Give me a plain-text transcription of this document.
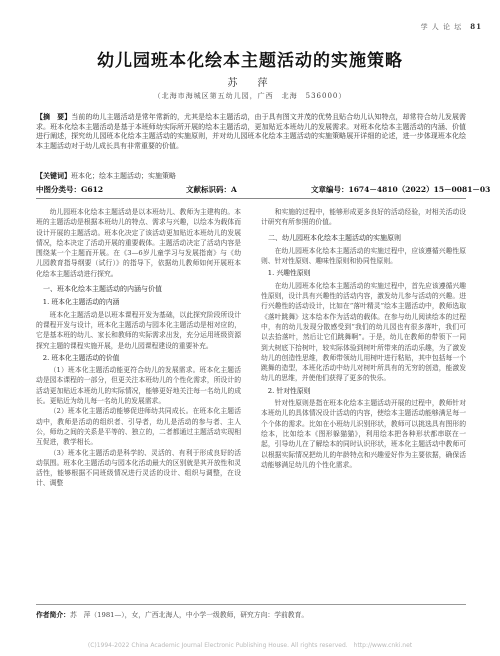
学 人 论 坛 81
幼儿园班本化绘本主题活动的实施策略
苏　萍
（北海市海城区第五幼儿园，广西　北海　536000）
【摘　要】当前的幼儿主题活动是常年常新的，尤其是绘本主题活动，由于具有图文并茂的优势且贴合幼儿认知特点，却常符合幼儿发展需求。班本化绘本主题活动是基于本班师幼实际所开展的绘本主题活动，更加贴近本班幼儿的发展需求。对班本化绘本主题活动的内涵、价值进行阐述，探究幼儿园班本化绘本主题活动的实施原则，并对幼儿园班本化绘本主题活动的实施策略展开详细的论述，进一步体现班本化绘本主题活动对于幼儿成长具有非常重要的价值。
【关键词】班本化；绘本主题活动；实施策略
中图分类号：G612	文献标识码：A	文章编号：1674－4810（2022）15－0081－03

幼儿园班本化绘本主题活动是以本班幼儿、教师为主建构的。本班的主题活动是根据本班幼儿的特点、需求与兴趣，以绘本为载体而设计开展的主题活动。班本化决定了该活动更加贴近本班幼儿的发展情况，绘本决定了活动开展的重要载体。主题活动决定了活动内容是围绕某一个主题而开展。在《3—6岁儿童学习与发展指南》与《幼儿园教育指导纲要（试行）》的指导下，依据幼儿教师如何开展班本化绘本主题活动进行探究。

一、班本化绘本主题活动的内涵与价值
1. 班本化主题活动的内涵

班本化主题活动是以班本课程开发为基础，以此探究阶段所设计的课程开发与设计，班本化主题活动与园本化主题活动是相对应的，它是基本班的幼儿、家长和教师的实际需求出发，充分运用班级资源探究主题的课程实施开展，是幼儿园课程建设的重要补充。

2. 班本化主题活动的价值

（1）班本化主题活动能更符合幼儿的发展需求。班本化主题活动是园本课程的一部分，但更关注本班幼儿的个性化需求，所设计的活动更加贴近本班幼儿的实际情况，能够更好地关注每一名幼儿的成长。更贴近为幼儿每一名幼儿的发展需求。

（2）班本化主题活动能够促进师幼共同成长。在班本化主题活动中，教师是活动的组织者、引导者，幼儿是活动的参与者、主人公，师幼之间的关系是平等的、独立的，二者都通过主题活动实现相互促进，教学相长。

（3）班本化主题活动是科学的、灵活的、有利于形成良好的活动氛围。班本化主题活动与园本化活动最大的区别就是其开放性和灵活性，能够根据不同班级情况进行灵活的设计、组织与调整，在设计、调整

和实施的过程中，能够形成更多良好的活动经验，对相关活动设计研究有所参照的价值。

二、幼儿园班本化绘本主题活动的实施原则

在幼儿园班本化绘本主题活动的实施过程中，应该遵循兴趣性原则、针对性原则、趣味性原则和协同性原则。

1. 兴趣性原则

在幼儿园班本化绘本主题活动的实施过程中，首先应该遵循兴趣性原则，设计具有兴趣性的活动内容，激发幼儿参与活动的兴趣。进行兴趣性的活动设计，比如在“落叶精灵”绘本主题活动中，教师选取《落叶跳舞》这本绘本作为活动的载体。在参与幼儿阅读绘本的过程中，有的幼儿发现分散感受到“我们的幼儿园也有很多落叶，我们可以去拾落叶，然后让它们跳舞啊”。于是，幼儿在教师的带领下一同到大树底下拾树叶，较实际体验到树叶所带来的活动乐趣，为了激发幼儿的创造性思维，教师带领幼儿用树叶进行粘贴，其中包括每一个跳舞的造型，本班化活动中幼儿对树叶所具有的无穷的创造，能激发幼儿的思维，并使他们获得了更多的快乐。

2. 针对性原则

针对性原则是指在班本化绘本主题活动开展的过程中，教师针对本班幼儿的具体情况设计活动的内容，使绘本主题活动能够满足每一个个体的需求。比如在小班幼儿识别形状，教师可以挑选具有图形的绘本，比如绘本《图形躲猫猫》，利用绘本把各种形状都串联在一起，引导幼儿在了解绘本的同时认识形状，班本化主题活动中教师可以根据实际情况把幼儿的年龄特点和兴趣爱好作为主要依据，确保活动能够满足幼儿的个性化需求。

作者简介：苏　萍（1981—），女，广西北海人，中小学一级教师，研究方向：学前教育。
(C)1994-2022 China Academic Journal Electronic Publishing House. All rights reserved.　http://www.cnki.net
